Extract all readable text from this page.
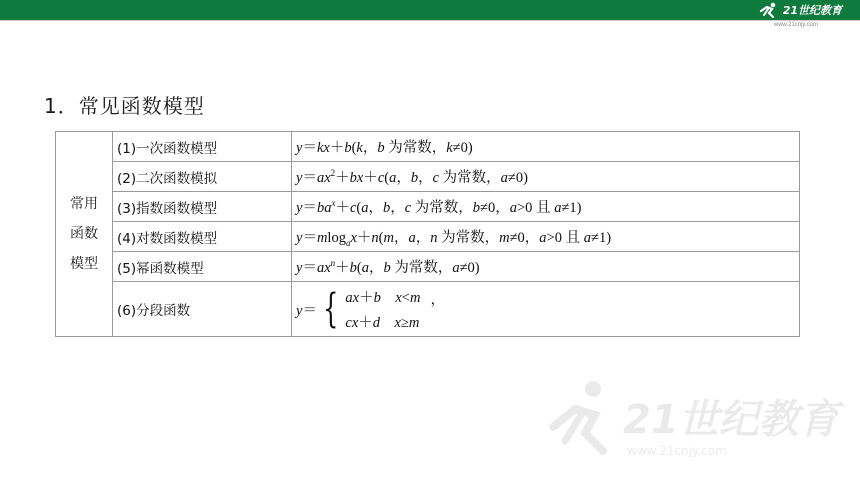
21世纪教育
www.21cnjy.com
1．常见函数模型
常用
函数
模型	(1)一次函数模型	y＝kx＋b(k，b 为常数，k≠0)
	(2)二次函数模拟	$y=ax^2+bx+c(a$，b，c 为常数，a≠0)
	(3)指数函数模型	$y=ba^x+c(a$，b，c 为常数，b≠0，a>0 且 a≠1)
	(4)对数函数模型	y＝mlog$_a$x＋n(m，a，n 为常数，m≠0，a>0 且 a≠1)
	(5)幂函数模型	$y=ax^n+b(a$，b 为常数，a≠0)
	(6)分段函数	y＝ { ax＋b x<m
cx＋d x≥m
，
21世纪教育
www.21cnjy.com
